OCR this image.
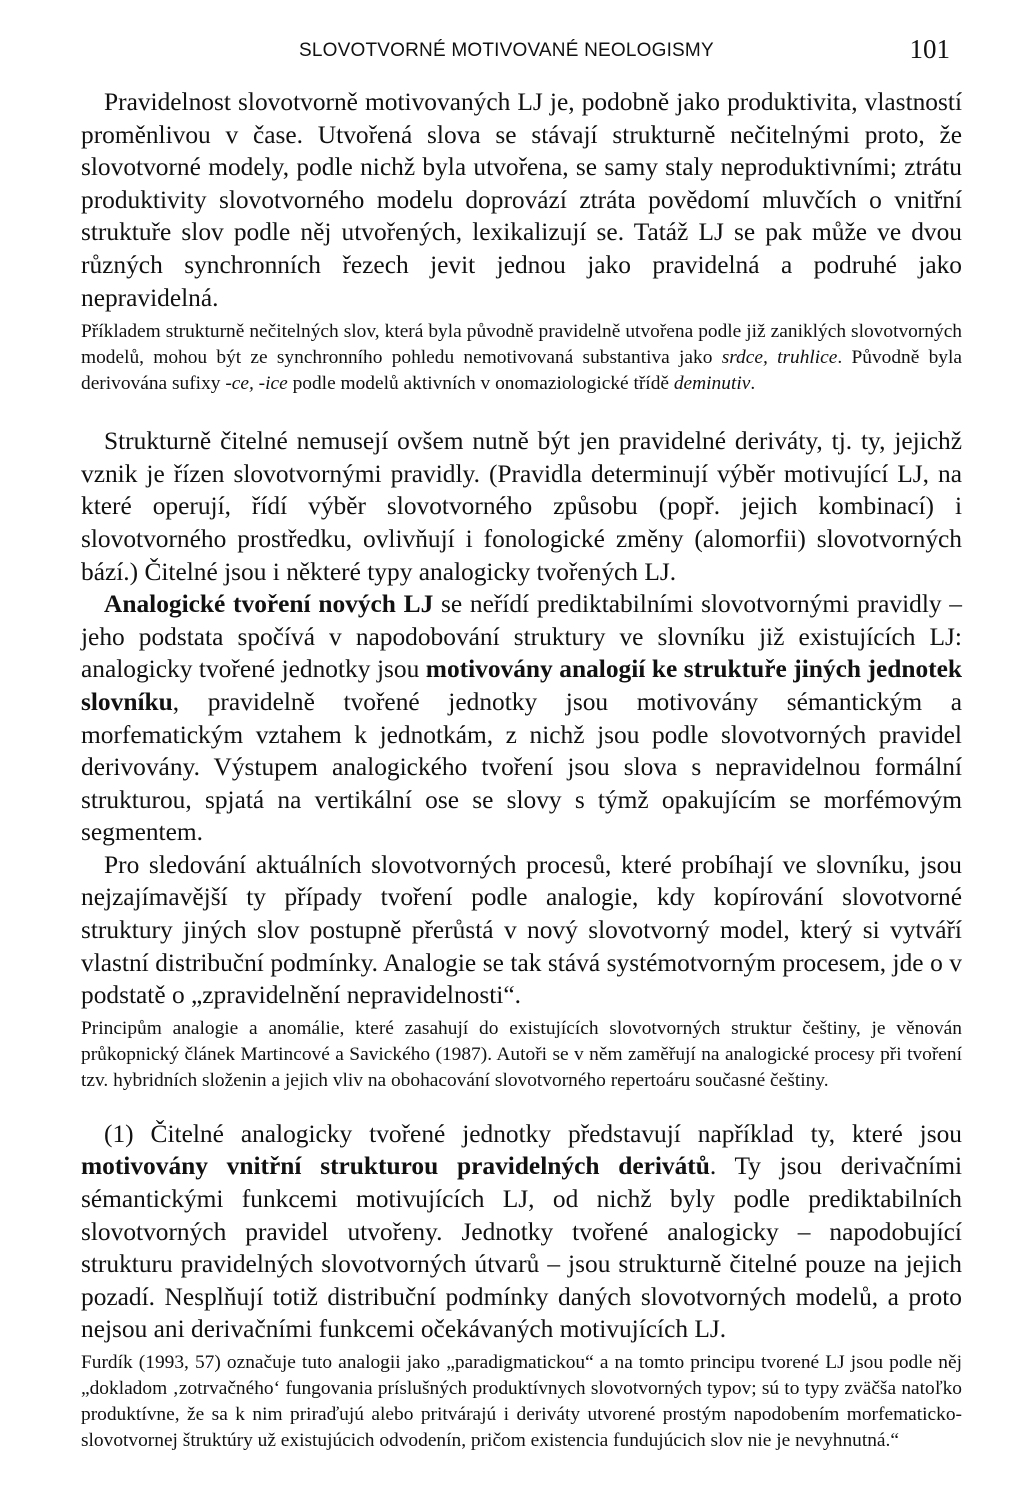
SLOVOTVORNÉ MOTIVOVANÉ NEOLOGISMY	101

Pravidelnost slovotvorně motivovaných LJ je, podobně jako produktivita, vlastností proměnlivou v čase. Utvořená slova se stávají strukturně nečitelnými proto, že slovotvorné modely, podle nichž byla utvořena, se samy staly neproduktivními; ztrátu produktivity slovotvorného modelu doprovází ztráta povědomí mluvčích o vnitřní struktuře slov podle něj utvořených, lexikalizují se. Tatáž LJ se pak může ve dvou různých synchronních řezech jevit jednou jako pravidelná a podruhé jako nepravidelná.

Příkladem strukturně nečitelných slov, která byla původně pravidelně utvořena podle již zaniklých slovotvorných modelů, mohou být ze synchronního pohledu nemotivovaná substantiva jako srdce, truhlice. Původně byla derivována sufixy -ce, -ice podle modelů aktivních v onomaziologické třídě deminutiv.

Strukturně čitelné nemusejí ovšem nutně být jen pravidelné deriváty, tj. ty, jejichž vznik je řízen slovotvornými pravidly. (Pravidla determinují výběr motivující LJ, na které operují, řídí výběr slovotvorného způsobu (popř. jejich kombinací) i slovotvorného prostředku, ovlivňují i fonologické změny (alomorfii) slovotvorných bází.) Čitelné jsou i některé typy analogicky tvořených LJ.

Analogické tvoření nových LJ se neřídí prediktabilními slovotvornými pravidly – jeho podstata spočívá v napodobování struktury ve slovníku již existujících LJ: analogicky tvořené jednotky jsou motivovány analogií ke struktuře jiných jednotek slovníku, pravidelně tvořené jednotky jsou motivovány sémantickým a morfematickým vztahem k jednotkám, z nichž jsou podle slovotvorných pravidel derivovány. Výstupem analogického tvoření jsou slova s nepravidelnou formální strukturou, spjatá na vertikální ose se slovy s týmž opakujícím se morfémovým segmentem.

Pro sledování aktuálních slovotvorných procesů, které probíhají ve slovníku, jsou nejzajímavější ty případy tvoření podle analogie, kdy kopírování slovotvorné struktury jiných slov postupně přerůstá v nový slovotvorný model, který si vytváří vlastní distribuční podmínky. Analogie se tak stává systémotvorným procesem, jde o v podstatě o „zpravidelnění nepravidelnosti“.

Principům analogie a anomálie, které zasahují do existujících slovotvorných struktur češtiny, je věnován průkopnický článek Martincové a Savického (1987). Autoři se v něm zaměřují na analogické procesy při tvoření tzv. hybridních složenin a jejich vliv na obohacování slovotvorného repertoáru současné češtiny.

(1) Čitelné analogicky tvořené jednotky představují například ty, které jsou motivovány vnitřní strukturou pravidelných derivátů. Ty jsou derivačními sémantickými funkcemi motivujících LJ, od nichž byly podle prediktabilních slovotvorných pravidel utvořeny. Jednotky tvořené analogicky – napodobující strukturu pravidelných slovotvorných útvarů – jsou strukturně čitelné pouze na jejich pozadí. Nesplňují totiž distribuční podmínky daných slovotvorných modelů, a proto nejsou ani derivačními funkcemi očekávaných motivujících LJ.

Furdík (1993, 57) označuje tuto analogii jako „paradigmatickou“ a na tomto principu tvorené LJ jsou podle něj „dokladom ‚zotrvačného‘ fungovania príslušných produktívnych slovotvorných typov; sú to typy zväčša natoľko produktívne, že sa k nim priraďujú alebo pritvárajú i deriváty utvorené prostým napodobením morfematicko-slovotvornej štruktúry už existujúcich odvodenín, pričom existencia fundujúcich slov nie je nevyhnutná.“
